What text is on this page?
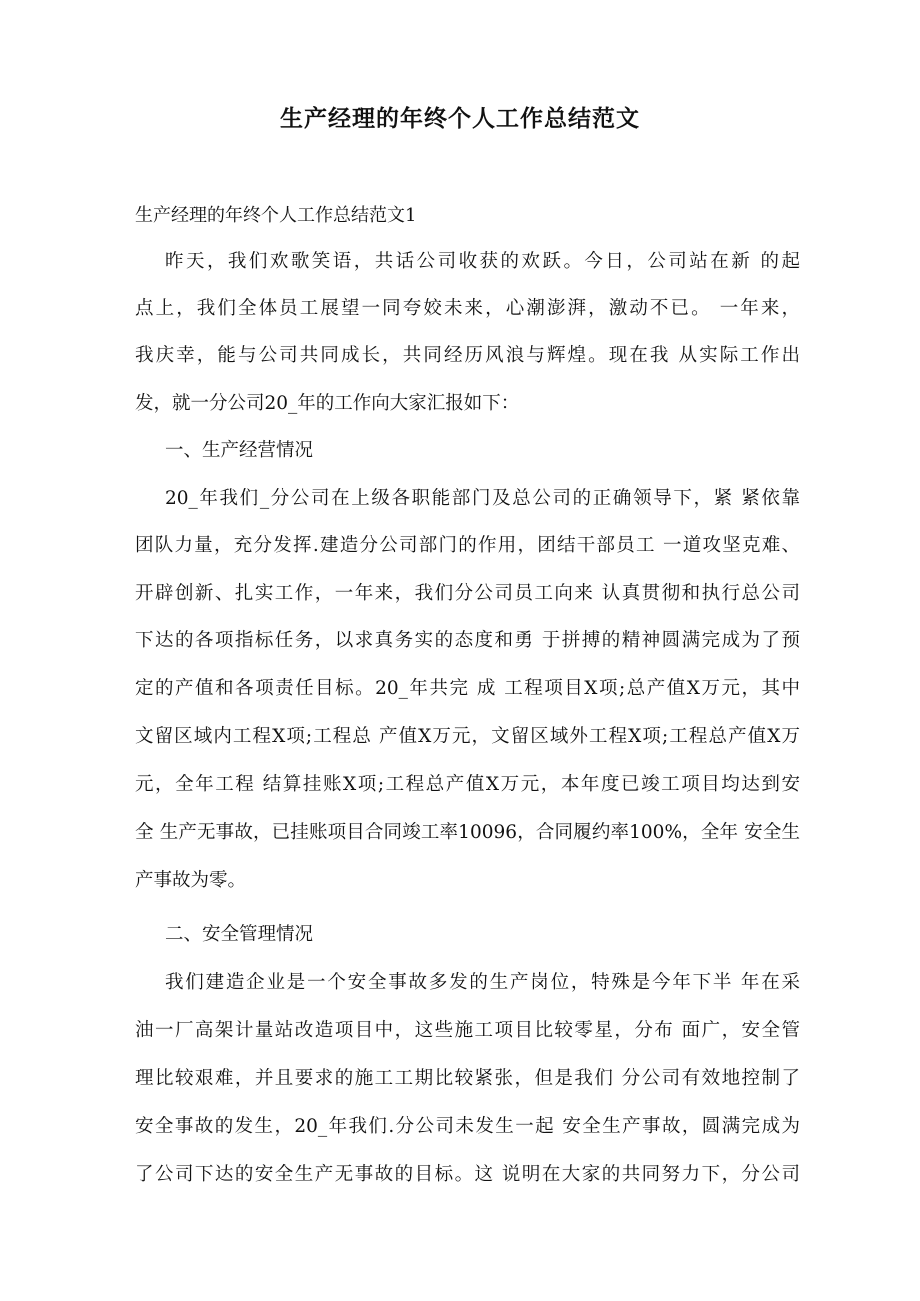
生产经理的年终个人工作总结范文
生产经理的年终个人工作总结范文1
昨天，我们欢歌笑语，共话公司收获的欢跃。今日，公司站在新 的起
点上，我们全体员工展望一同夸姣未来，心潮澎湃，激动不已。 一年来，
我庆幸，能与公司共同成长，共同经历风浪与辉煌。现在我 从实际工作出
发，就一分公司20_年的工作向大家汇报如下：
一、生产经营情况
20_年我们_分公司在上级各职能部门及总公司的正确领导下，紧 紧依靠
团队力量，充分发挥.建造分公司部门的作用，团结干部员工 一道攻坚克难、
开辟创新、扎实工作，一年来，我们分公司员工向来 认真贯彻和执行总公司
下达的各项指标任务，以求真务实的态度和勇 于拼搏的精神圆满完成为了预
定的产值和各项责任目标。20_年共完 成 工程项目X项;总产值X万元，其中
文留区域内工程X项;工程总 产值X万元，文留区域外工程X项;工程总产值X万
元，全年工程 结算挂账X项;工程总产值X万元，本年度已竣工项目均达到安
全 生产无事故，已挂账项目合同竣工率10096，合同履约率100%，全年 安全生
产事故为零。
二、安全管理情况
我们建造企业是一个安全事故多发的生产岗位，特殊是今年下半 年在采
油一厂高架计量站改造项目中，这些施工项目比较零星，分布 面广，安全管
理比较艰难，并且要求的施工工期比较紧张，但是我们 分公司有效地控制了
安全事故的发生，20_年我们.分公司未发生一起 安全生产事故，圆满完成为
了公司下达的安全生产无事故的目标。这 说明在大家的共同努力下，分公司
